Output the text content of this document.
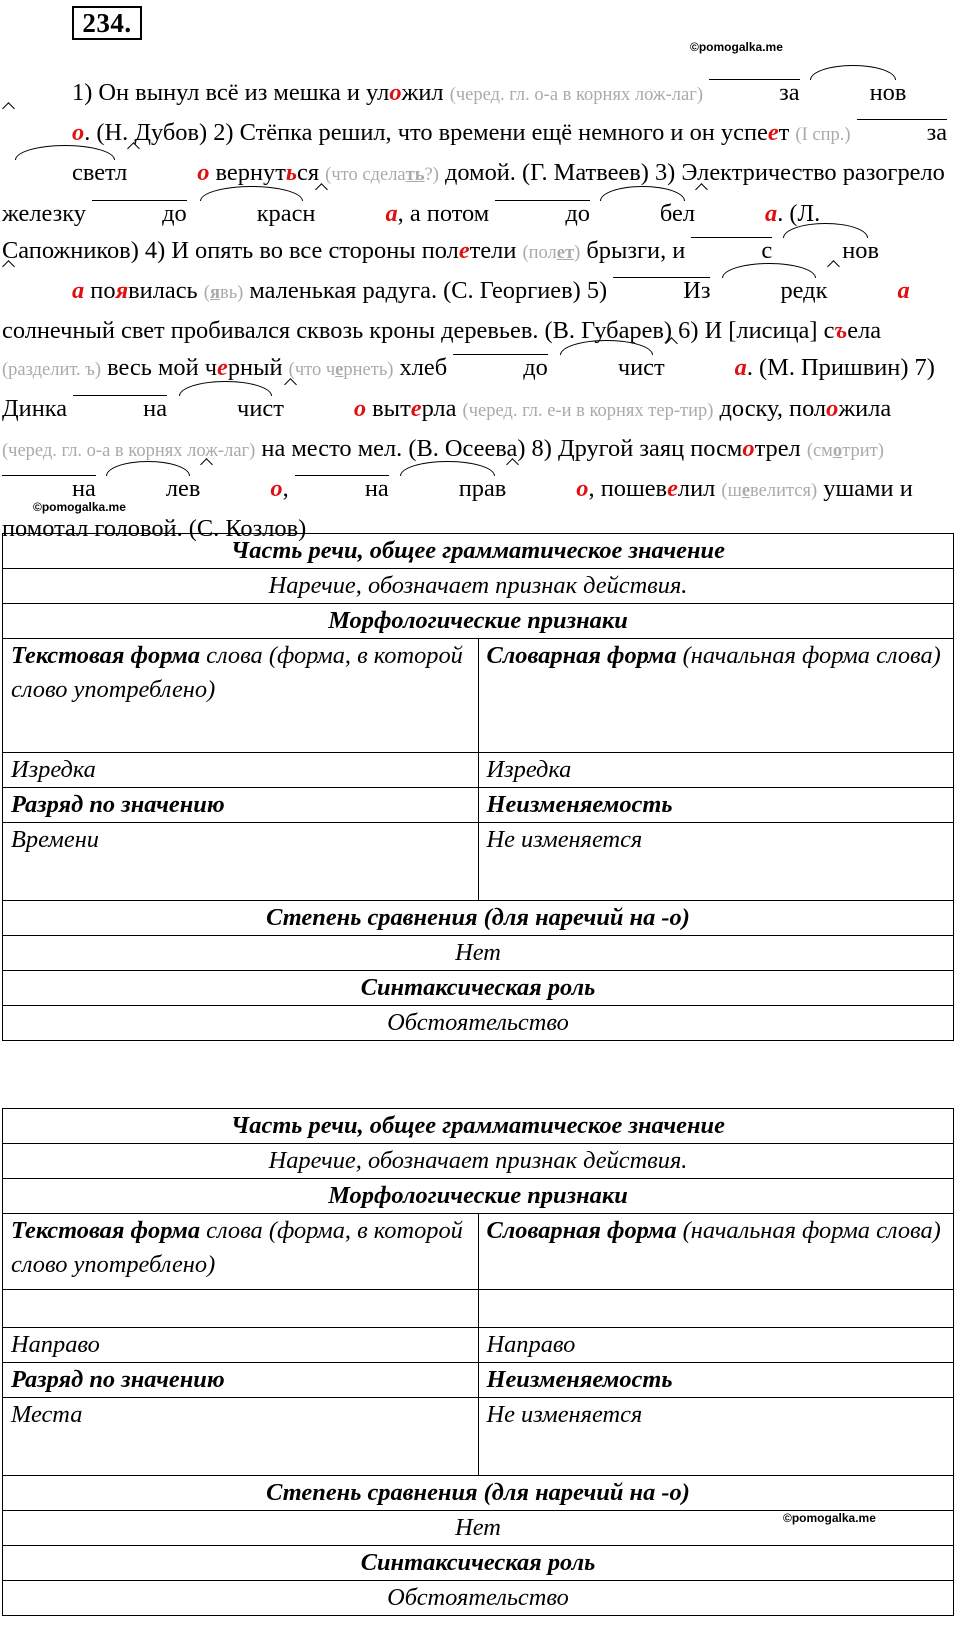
234.
©pomogalka.me
1) Он вынул всё из мешка и уложил (черед. гл. о-а в корнях лож-лаг)	за	ново. (Н. Дубов) 2) Стёпка решил, что времени ещё немного и он успеет (I спр.)	засветл	о вернуться (что сделать?) домой. (Г. Матвеев) 3) Электричество разогрело железку	до	красн	а, а потом	до	бел	а. (Л. Сапожников) 4) И опять во все стороны полетели (полет) брызги, и	с	нова появилась (явь) маленькая радуга. (С. Георгиев) 5)	Из	редк	а солнечный свет пробивался сквозь кроны деревьев. (В. Губарев) 6) И [лисица] съела (разделит. ъ) весь мой черный (что чернеть) хлеб	до	чист	а. (М. Пришвин) 7) Динка	на	чист	о вытерла (черед. гл. е-и в корнях тер-тир) доску, положила (черед. гл. о-а в корнях лож-лаг) на место мел. (В. Осеева) 8) Другой заяц посмотрел (смотрит) на	лев	о,	на	прав	о, пошевелил (шевелится) ушами и помотал головой. (С. Козлов)
©pomogalka.me
Часть речи, общее грамматическое значение	
Наречие, обозначает признак действия.	
Морфологические признаки	
Текстовая форма слова (форма, в которой слово употреблено)	Словарная форма (начальная форма слова)
Изредка	Изредка
Разряд по значению	Неизменяемость
Времени	Не изменяется
Степень сравнения (для наречий на -о)	
Нет	
Синтаксическая роль	
Обстоятельство	
Часть речи, общее грамматическое значение	
Наречие, обозначает признак действия.	
Морфологические признаки	
Текстовая форма слова (форма, в которой слово употреблено)	Словарная форма (начальная форма слова)

Направо	Направо
Разряд по значению	Неизменяемость
Места	Не изменяется
Степень сравнения (для наречий на -о)	
Нет	
Синтаксическая роль	
Обстоятельство	
©pomogalka.me
